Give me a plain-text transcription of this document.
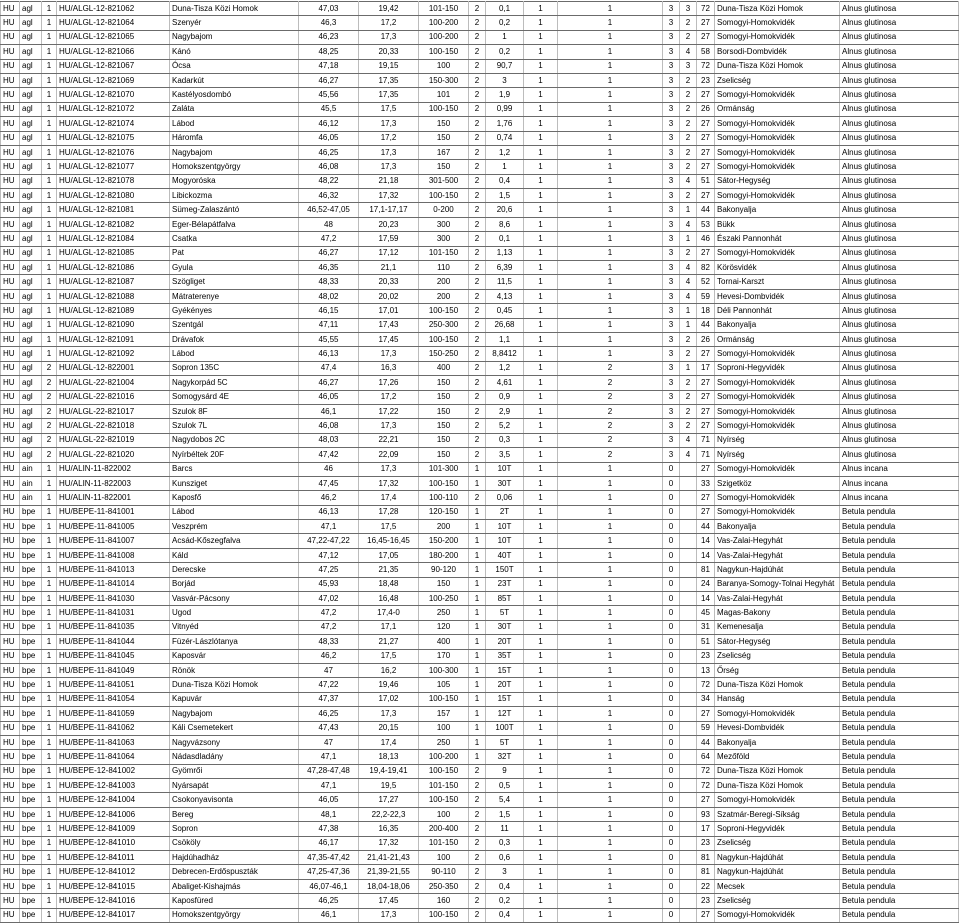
HU	agl	1	HU/ALGL-12-821062	Duna-Tisza Közi Homok	47,03	19,42	101-150	2	0,1	1	1	3	3	72	Duna-Tisza Közi Homok	Alnus glutinosa
HU	agl	1	HU/ALGL-12-821064	Szenyér	46,3	17,2	100-200	2	0,2	1	1	3	2	27	Somogyi-Homokvidék	Alnus glutinosa
HU	agl	1	HU/ALGL-12-821065	Nagybajom	46,23	17,3	100-200	2	1	1	1	3	2	27	Somogyi-Homokvidék	Alnus glutinosa
HU	agl	1	HU/ALGL-12-821066	Kánó	48,25	20,33	100-150	2	0,2	1	1	3	4	58	Borsodi-Dombvidék	Alnus glutinosa
HU	agl	1	HU/ALGL-12-821067	Ócsa	47,18	19,15	100	2	90,7	1	1	3	3	72	Duna-Tisza Közi Homok	Alnus glutinosa
HU	agl	1	HU/ALGL-12-821069	Kadarkút	46,27	17,35	150-300	2	3	1	1	3	2	23	Zselicség	Alnus glutinosa
HU	agl	1	HU/ALGL-12-821070	Kastélyosdombó	45,56	17,35	101	2	1,9	1	1	3	2	27	Somogyi-Homokvidék	Alnus glutinosa
HU	agl	1	HU/ALGL-12-821072	Zaláta	45,5	17,5	100-150	2	0,99	1	1	3	2	26	Ormánság	Alnus glutinosa
HU	agl	1	HU/ALGL-12-821074	Lábod	46,12	17,3	150	2	1,76	1	1	3	2	27	Somogyi-Homokvidék	Alnus glutinosa
HU	agl	1	HU/ALGL-12-821075	Háromfa	46,05	17,2	150	2	0,74	1	1	3	2	27	Somogyi-Homokvidék	Alnus glutinosa
HU	agl	1	HU/ALGL-12-821076	Nagybajom	46,25	17,3	167	2	1,2	1	1	3	2	27	Somogyi-Homokvidék	Alnus glutinosa
HU	agl	1	HU/ALGL-12-821077	Homokszentgyörgy	46,08	17,3	150	2	1	1	1	3	2	27	Somogyi-Homokvidék	Alnus glutinosa
HU	agl	1	HU/ALGL-12-821078	Mogyoróska	48,22	21,18	301-500	2	0,4	1	1	3	4	51	Sátor-Hegység	Alnus glutinosa
HU	agl	1	HU/ALGL-12-821080	Libickozma	46,32	17,32	100-150	2	1,5	1	1	3	2	27	Somogyi-Homokvidék	Alnus glutinosa
HU	agl	1	HU/ALGL-12-821081	Sümeg-Zalaszántó	46,52-47,05	17,1-17,17	0-200	2	20,6	1	1	3	1	44	Bakonyalja	Alnus glutinosa
HU	agl	1	HU/ALGL-12-821082	Eger-Bélapátfalva	48	20,23	300	2	8,6	1	1	3	4	53	Bükk	Alnus glutinosa
HU	agl	1	HU/ALGL-12-821084	Csatka	47,2	17,59	300	2	0,1	1	1	3	1	46	Északi Pannonhát	Alnus glutinosa
HU	agl	1	HU/ALGL-12-821085	Pat	46,27	17,12	101-150	2	1,13	1	1	3	2	27	Somogyi-Homokvidék	Alnus glutinosa
HU	agl	1	HU/ALGL-12-821086	Gyula	46,35	21,1	110	2	6,39	1	1	3	4	82	Körösvidék	Alnus glutinosa
HU	agl	1	HU/ALGL-12-821087	Szögliget	48,33	20,33	200	2	11,5	1	1	3	4	52	Tornai-Karszt	Alnus glutinosa
HU	agl	1	HU/ALGL-12-821088	Mátraterenye	48,02	20,02	200	2	4,13	1	1	3	4	59	Hevesi-Dombvidék	Alnus glutinosa
HU	agl	1	HU/ALGL-12-821089	Gyékényes	46,15	17,01	100-150	2	0,45	1	1	3	1	18	Déli Pannonhát	Alnus glutinosa
HU	agl	1	HU/ALGL-12-821090	Szentgál	47,11	17,43	250-300	2	26,68	1	1	3	1	44	Bakonyalja	Alnus glutinosa
HU	agl	1	HU/ALGL-12-821091	Drávafok	45,55	17,45	100-150	2	1,1	1	1	3	2	26	Ormánság	Alnus glutinosa
HU	agl	1	HU/ALGL-12-821092	Lábod	46,13	17,3	150-250	2	8,8412	1	1	3	2	27	Somogyi-Homokvidék	Alnus glutinosa
HU	agl	2	HU/ALGL-12-822001	Sopron 135C	47,4	16,3	400	2	1,2	1	2	3	1	17	Soproni-Hegyvidék	Alnus glutinosa
HU	agl	2	HU/ALGL-22-821004	Nagykorpád 5C	46,27	17,26	150	2	4,61	1	2	3	2	27	Somogyi-Homokvidék	Alnus glutinosa
HU	agl	2	HU/ALGL-22-821016	Somogysárd 4E	46,05	17,2	150	2	0,9	1	2	3	2	27	Somogyi-Homokvidék	Alnus glutinosa
HU	agl	2	HU/ALGL-22-821017	Szulok 8F	46,1	17,22	150	2	2,9	1	2	3	2	27	Somogyi-Homokvidék	Alnus glutinosa
HU	agl	2	HU/ALGL-22-821018	Szulok 7L	46,08	17,3	150	2	5,2	1	2	3	2	27	Somogyi-Homokvidék	Alnus glutinosa
HU	agl	2	HU/ALGL-22-821019	Nagydobos 2C	48,03	22,21	150	2	0,3	1	2	3	4	71	Nyírség	Alnus glutinosa
HU	agl	2	HU/ALGL-22-821020	Nyírbéltek 20F	47,42	22,09	150	2	3,5	1	2	3	4	71	Nyírség	Alnus glutinosa
HU	ain	1	HU/ALIN-11-822002	Barcs	46	17,3	101-300	1	10T	1	1	0		27	Somogyi-Homokvidék	Alnus incana
HU	ain	1	HU/ALIN-11-822003	Kunsziget	47,45	17,32	100-150	1	30T	1	1	0		33	Szigetköz	Alnus incana
HU	ain	1	HU/ALIN-11-822001	Kaposfő	46,2	17,4	100-110	2	0,06	1	1	0		27	Somogyi-Homokvidék	Alnus incana
HU	bpe	1	HU/BEPE-11-841001	Lábod	46,13	17,28	120-150	1	2T	1	1	0		27	Somogyi-Homokvidék	Betula pendula
HU	bpe	1	HU/BEPE-11-841005	Veszprém	47,1	17,5	200	1	10T	1	1	0		44	Bakonyalja	Betula pendula
HU	bpe	1	HU/BEPE-11-841007	Acsád-Kőszegfalva	47,22-47,22	16,45-16,45	150-200	1	10T	1	1	0		14	Vas-Zalai-Hegyhát	Betula pendula
HU	bpe	1	HU/BEPE-11-841008	Káld	47,12	17,05	180-200	1	40T	1	1	0		14	Vas-Zalai-Hegyhát	Betula pendula
HU	bpe	1	HU/BEPE-11-841013	Derecske	47,25	21,35	90-120	1	150T	1	1	0		81	Nagykun-Hajdúhát	Betula pendula
HU	bpe	1	HU/BEPE-11-841014	Borjád	45,93	18,48	150	1	23T	1	1	0		24	Baranya-Somogy-Tolnai Hegyhát	Betula pendula
HU	bpe	1	HU/BEPE-11-841030	Vasvár-Pácsony	47,02	16,48	100-250	1	85T	1	1	0		14	Vas-Zalai-Hegyhát	Betula pendula
HU	bpe	1	HU/BEPE-11-841031	Ugod	47,2	17,4-0	250	1	5T	1	1	0		45	Magas-Bakony	Betula pendula
HU	bpe	1	HU/BEPE-11-841035	Vitnyéd	47,2	17,1	120	1	30T	1	1	0		31	Kemenesalja	Betula pendula
HU	bpe	1	HU/BEPE-11-841044	Füzér-Lászlótanya	48,33	21,27	400	1	20T	1	1	0		51	Sátor-Hegység	Betula pendula
HU	bpe	1	HU/BEPE-11-841045	Kaposvár	46,2	17,5	170	1	35T	1	1	0		23	Zselicség	Betula pendula
HU	bpe	1	HU/BEPE-11-841049	Rönök	47	16,2	100-300	1	15T	1	1	0		13	Őrség	Betula pendula
HU	bpe	1	HU/BEPE-11-841051	Duna-Tisza Közi Homok	47,22	19,46	105	1	20T	1	1	0		72	Duna-Tisza Közi Homok	Betula pendula
HU	bpe	1	HU/BEPE-11-841054	Kapuvár	47,37	17,02	100-150	1	15T	1	1	0		34	Hanság	Betula pendula
HU	bpe	1	HU/BEPE-11-841059	Nagybajom	46,25	17,3	157	1	12T	1	1	0		27	Somogyi-Homokvidék	Betula pendula
HU	bpe	1	HU/BEPE-11-841062	Káli Csemetekert	47,43	20,15	100	1	100T	1	1	0		59	Hevesi-Dombvidék	Betula pendula
HU	bpe	1	HU/BEPE-11-841063	Nagyvázsony	47	17,4	250	1	5T	1	1	0		44	Bakonyalja	Betula pendula
HU	bpe	1	HU/BEPE-11-841064	Nádasdladány	47,1	18,13	100-200	1	32T	1	1	0		64	Mezőföld	Betula pendula
HU	bpe	1	HU/BEPE-12-841002	Gyömrői	47,28-47,48	19,4-19,41	100-150	2	9	1	1	0		72	Duna-Tisza Közi Homok	Betula pendula
HU	bpe	1	HU/BEPE-12-841003	Nyársapát	47,1	19,5	101-150	2	0,5	1	1	0		72	Duna-Tisza Közi Homok	Betula pendula
HU	bpe	1	HU/BEPE-12-841004	Csokonyavisonta	46,05	17,27	100-150	2	5,4	1	1	0		27	Somogyi-Homokvidék	Betula pendula
HU	bpe	1	HU/BEPE-12-841006	Bereg	48,1	22,2-22,3	100	2	1,5	1	1	0		93	Szatmár-Beregi-Síkság	Betula pendula
HU	bpe	1	HU/BEPE-12-841009	Sopron	47,38	16,35	200-400	2	11	1	1	0		17	Soproni-Hegyvidék	Betula pendula
HU	bpe	1	HU/BEPE-12-841010	Csököly	46,17	17,32	101-150	2	0,3	1	1	0		23	Zselicség	Betula pendula
HU	bpe	1	HU/BEPE-12-841011	Hajdúhadház	47,35-47,42	21,41-21,43	100	2	0,6	1	1	0		81	Nagykun-Hajdúhát	Betula pendula
HU	bpe	1	HU/BEPE-12-841012	Debrecen-Erdőspuszták	47,25-47,36	21,39-21,55	90-110	2	3	1	1	0		81	Nagykun-Hajdúhát	Betula pendula
HU	bpe	1	HU/BEPE-12-841015	Abaliget-Kishajmás	46,07-46,1	18,04-18,06	250-350	2	0,4	1	1	0		22	Mecsek	Betula pendula
HU	bpe	1	HU/BEPE-12-841016	Kaposfüred	46,25	17,45	160	2	0,2	1	1	0		23	Zselicség	Betula pendula
HU	bpe	1	HU/BEPE-12-841017	Homokszentgyörgy	46,1	17,3	100-150	2	0,4	1	1	0		27	Somogyi-Homokvidék	Betula pendula
